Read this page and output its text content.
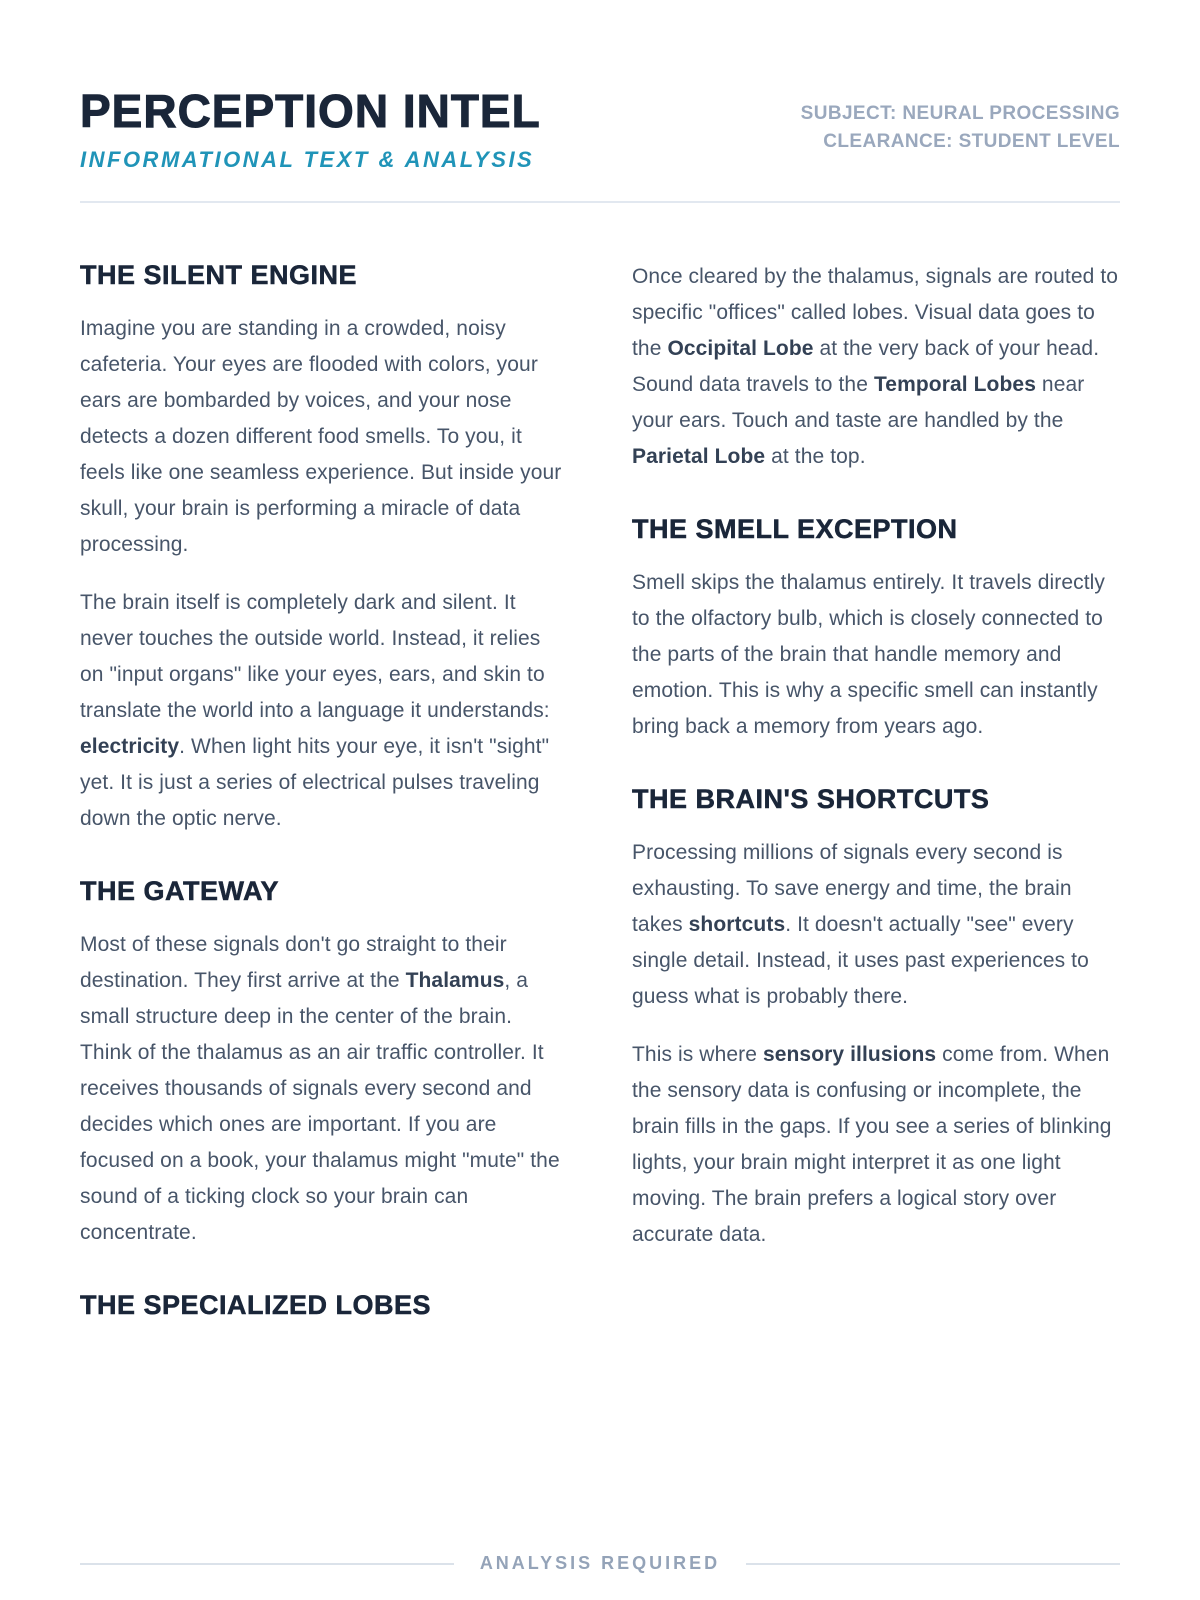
PERCEPTION INTEL
INFORMATIONAL TEXT & ANALYSIS
SUBJECT: NEURAL PROCESSING
CLEARANCE: STUDENT LEVEL
THE SILENT ENGINE

Imagine you are standing in a crowded, noisy cafeteria. Your eyes are flooded with colors, your ears are bombarded by voices, and your nose detects a dozen different food smells. To you, it feels like one seamless experience. But inside your skull, your brain is performing a miracle of data processing.

The brain itself is completely dark and silent. It never touches the outside world. Instead, it relies on "input organs" like your eyes, ears, and skin to translate the world into a language it understands: electricity. When light hits your eye, it isn't "sight" yet. It is just a series of electrical pulses traveling down the optic nerve.

THE GATEWAY

Most of these signals don't go straight to their destination. They first arrive at the Thalamus, a small structure deep in the center of the brain. Think of the thalamus as an air traffic controller. It receives thousands of signals every second and decides which ones are important. If you are focused on a book, your thalamus might "mute" the sound of a ticking clock so your brain can concentrate.

THE SPECIALIZED LOBES

Once cleared by the thalamus, signals are routed to specific "offices" called lobes. Visual data goes to the Occipital Lobe at the very back of your head. Sound data travels to the Temporal Lobes near your ears. Touch and taste are handled by the Parietal Lobe at the top.

THE SMELL EXCEPTION

Smell skips the thalamus entirely. It travels directly to the olfactory bulb, which is closely connected to the parts of the brain that handle memory and emotion. This is why a specific smell can instantly bring back a memory from years ago.

THE BRAIN'S SHORTCUTS

Processing millions of signals every second is exhausting. To save energy and time, the brain takes shortcuts. It doesn't actually "see" every single detail. Instead, it uses past experiences to guess what is probably there.

This is where sensory illusions come from. When the sensory data is confusing or incomplete, the brain fills in the gaps. If you see a series of blinking lights, your brain might interpret it as one light moving. The brain prefers a logical story over accurate data.

ANALYSIS REQUIRED
